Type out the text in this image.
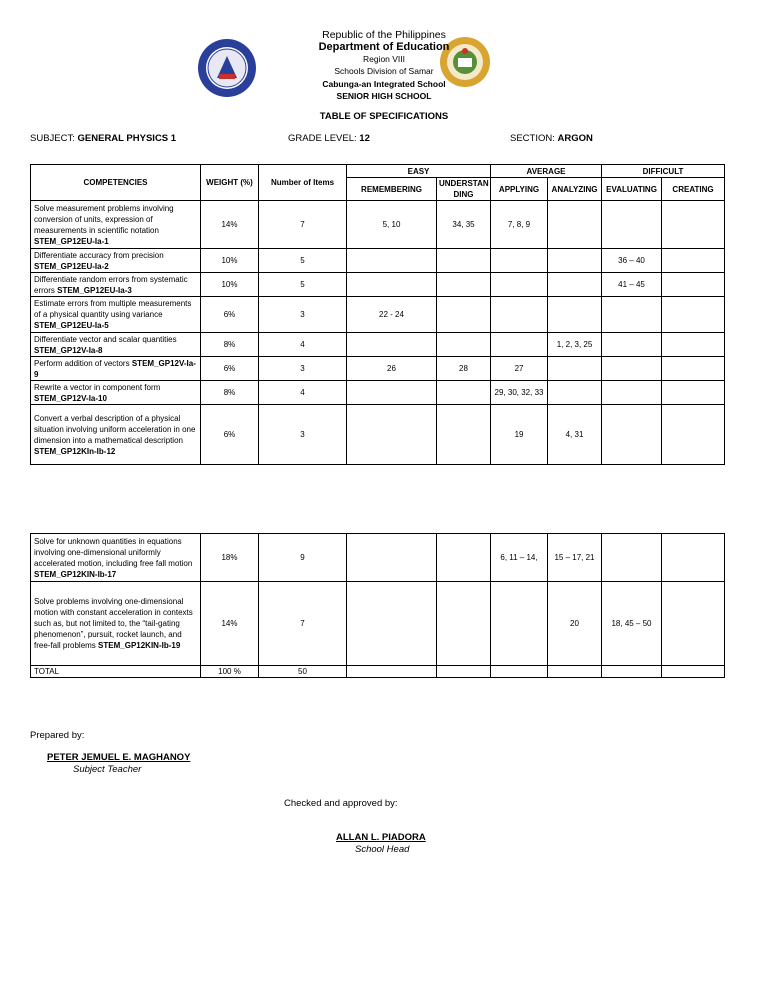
Republic of the Philippines
Department of Education
Region VIII
Schools Division of Samar
Cabunga-an Integrated School
SENIOR HIGH SCHOOL
TABLE OF SPECIFICATIONS
SUBJECT: GENERAL PHYSICS 1	GRADE LEVEL: 12	SECTION: ARGON
COMPETENCIES	WEIGHT (%)	Number of Items	EASY		AVERAGE		DIFFICULT	
			REMEMBERING	UNDERSTAN DING	APPLYING	ANALYZING	EVALUATING	CREATING
Solve measurement problems involving conversion of units, expression of measurements in scientific notation STEM_GP12EU-Ia-1	14%	7	5, 10	34, 35	7, 8, 9			
Differentiate accuracy from precision STEM_GP12EU-Ia-2	10%	5					36 – 40	
Differentiate random errors from systematic errors STEM_GP12EU-Ia-3	10%	5					41 – 45	
Estimate errors from multiple measurements of a physical quantity using variance STEM_GP12EU-Ia-5	6%	3	22 - 24					
Differentiate vector and scalar quantities STEM_GP12V-Ia-8	8%	4				1, 2, 3, 25		
Perform addition of vectors STEM_GP12V-Ia-9	6%	3	26	28	27			
Rewrite a vector in component form STEM_GP12V-Ia-10	8%	4			29, 30, 32, 33			
Convert a verbal description of a physical situation involving uniform acceleration in one dimension into a mathematical description STEM_GP12KIn-Ib-12	6%	3			19	4, 31		
Solve for unknown quantities in equations involving one-dimensional uniformly accelerated motion, including free fall motion STEM_GP12KIN-Ib-17	18%	9			6, 11 – 14,	15 – 17, 21		
Solve problems involving one-dimensional motion with constant acceleration in contexts such as, but not limited to, the “tail-gating phenomenon”, pursuit, rocket launch, and free-fall problems STEM_GP12KIN-Ib-19	14%	7				20	18, 45 – 50	
TOTAL	100 %	50						
Prepared by:
PETER JEMUEL E. MAGHANOY
Subject Teacher
Checked and approved by:
ALLAN L. PIADORA
School Head
